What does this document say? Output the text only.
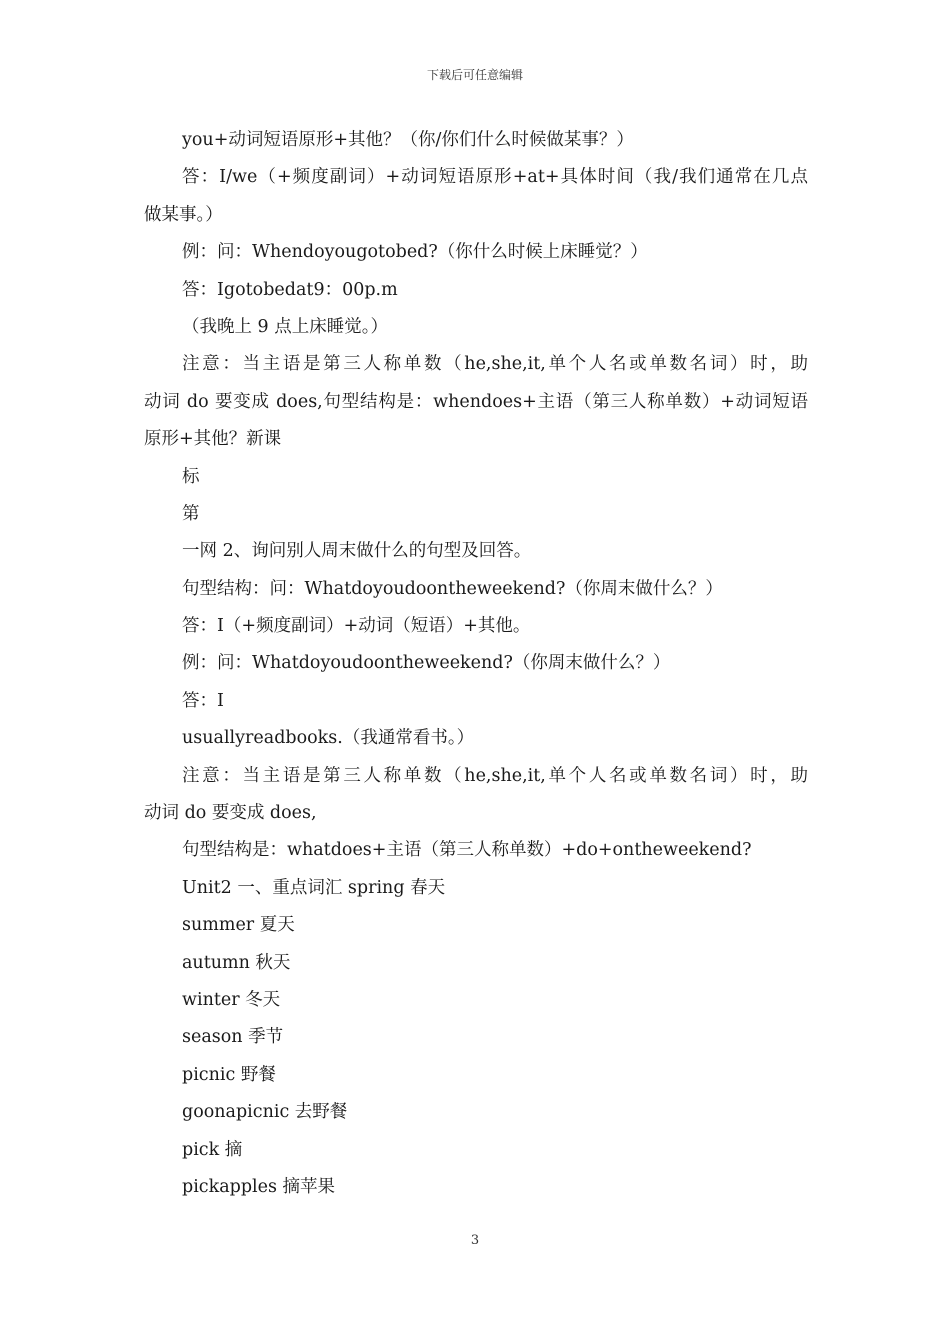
下载后可任意编辑
you+动词短语原形+其他？（你/你们什么时候做某事？）
答：I/we（+频度副词）+动词短语原形+at+具体时间（我/我们通常在几点
做某事。）
例：问：Whendoyougotobed?（你什么时候上床睡觉？）
答：Igotobedat9：00p.m
（我晚上 9 点上床睡觉。）
注意：当主语是第三人称单数（he,she,it,单个人名或单数名词）时，助
动词 do 要变成 does,句型结构是：whendoes+主语（第三人称单数）+动词短语
原形+其他？新课
标
第
一网 2、询问别人周末做什么的句型及回答。
句型结构：问：Whatdoyoudoontheweekend?（你周末做什么？）
答：I（+频度副词）+动词（短语）+其他。
例：问：Whatdoyoudoontheweekend?（你周末做什么？）
答：I
usuallyreadbooks.（我通常看书。）
注意：当主语是第三人称单数（he,she,it,单个人名或单数名词）时，助
动词 do 要变成 does,
句型结构是：whatdoes+主语（第三人称单数）+do+ontheweekend?
Unit2 一、重点词汇 spring 春天
summer 夏天
autumn 秋天
winter 冬天
season 季节
picnic 野餐
goonapicnic 去野餐
pick 摘
pickapples 摘苹果
3
